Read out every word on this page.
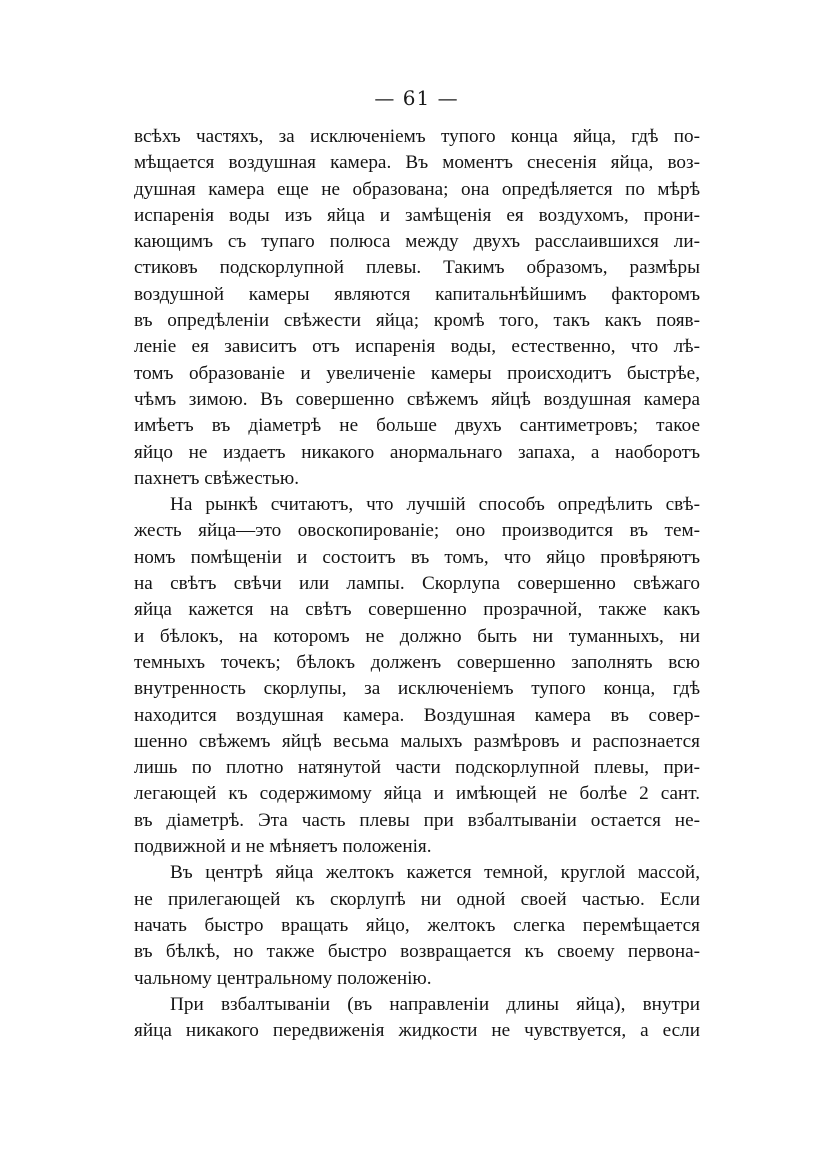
— 61 —
всѣхъ частяхъ, за исключеніемъ тупого конца яйца, гдѣ по-
мѣщается воздушная камера. Въ моментъ снесенія яйца, воз-
душная камера еще не образована; она опредѣляется по мѣрѣ
испаренія воды изъ яйца и замѣщенія ея воздухомъ, прони-
кающимъ съ тупаго полюса между двухъ расслаившихся ли-
стиковъ подскорлупной плевы. Такимъ образомъ, размѣры
воздушной камеры являются капитальнѣйшимъ факторомъ
въ опредѣленіи свѣжести яйца; кромѣ того, такъ какъ появ-
леніе ея зависитъ отъ испаренія воды, естественно, что лѣ-
томъ образованіе и увеличеніе камеры происходитъ быстрѣе,
чѣмъ зимою. Въ совершенно свѣжемъ яйцѣ воздушная камера
имѣетъ въ діаметрѣ не больше двухъ сантиметровъ; такое
яйцо не издаетъ никакого анормальнаго запаха, а наоборотъ
пахнетъ свѣжестью.
На рынкѣ считаютъ, что лучшій способъ опредѣлить свѣ-
жесть яйца—это овоскопированіе; оно производится въ тем-
номъ помѣщеніи и состоитъ въ томъ, что яйцо провѣряютъ
на свѣтъ свѣчи или лампы. Скорлупа совершенно свѣжаго
яйца кажется на свѣтъ совершенно прозрачной, также какъ
и бѣлокъ, на которомъ не должно быть ни туманныхъ, ни
темныхъ точекъ; бѣлокъ долженъ совершенно заполнять всю
внутренность скорлупы, за исключеніемъ тупого конца, гдѣ
находится воздушная камера. Воздушная камера въ совер-
шенно свѣжемъ яйцѣ весьма малыхъ размѣровъ и распознается
лишь по плотно натянутой части подскорлупной плевы, при-
легающей къ содержимому яйца и имѣющей не болѣе 2 сант.
въ діаметрѣ. Эта часть плевы при взбалтываніи остается не-
подвижной и не мѣняетъ положенія.
Въ центрѣ яйца желтокъ кажется темной, круглой массой,
не прилегающей къ скорлупѣ ни одной своей частью. Если
начать быстро вращать яйцо, желтокъ слегка перемѣщается
въ бѣлкѣ, но также быстро возвращается къ своему первона-
чальному центральному положенію.
При взбалтываніи (въ направленіи длины яйца), внутри
яйца никакого передвиженія жидкости не чувствуется, а если
